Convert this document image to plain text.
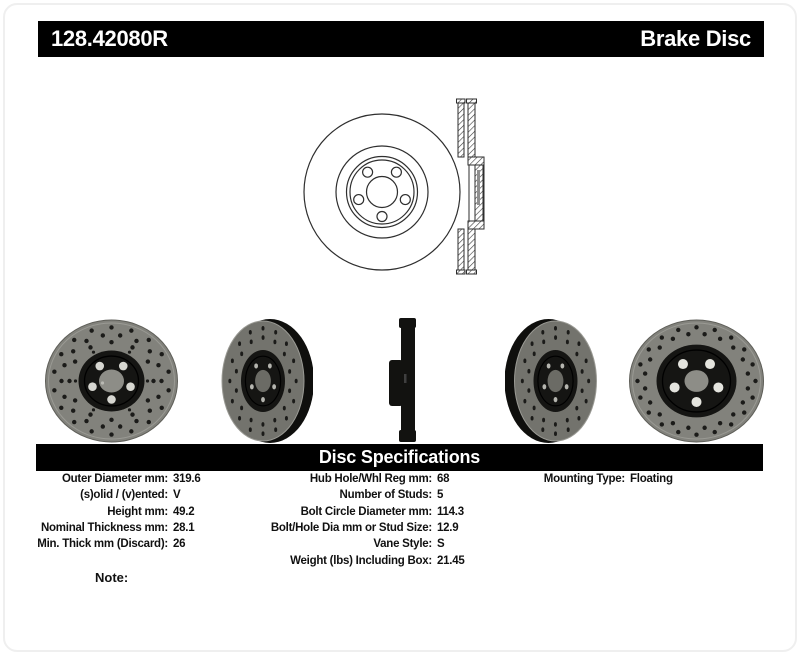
128.42080R	Brake Disc
Disc Specifications
Outer Diameter mm: 319.6
(s)olid / (v)ented: V
Height mm: 49.2
Nominal Thickness mm: 28.1
Min. Thick mm (Discard): 26
Hub Hole/Whl Reg mm: 68
Number of Studs: 5
Bolt Circle Diameter mm: 114.3
Bolt/Hole Dia mm or Stud Size: 12.9
Vane Style: S
Weight (lbs) Including Box: 21.45
Mounting Type: Floating
Note:
